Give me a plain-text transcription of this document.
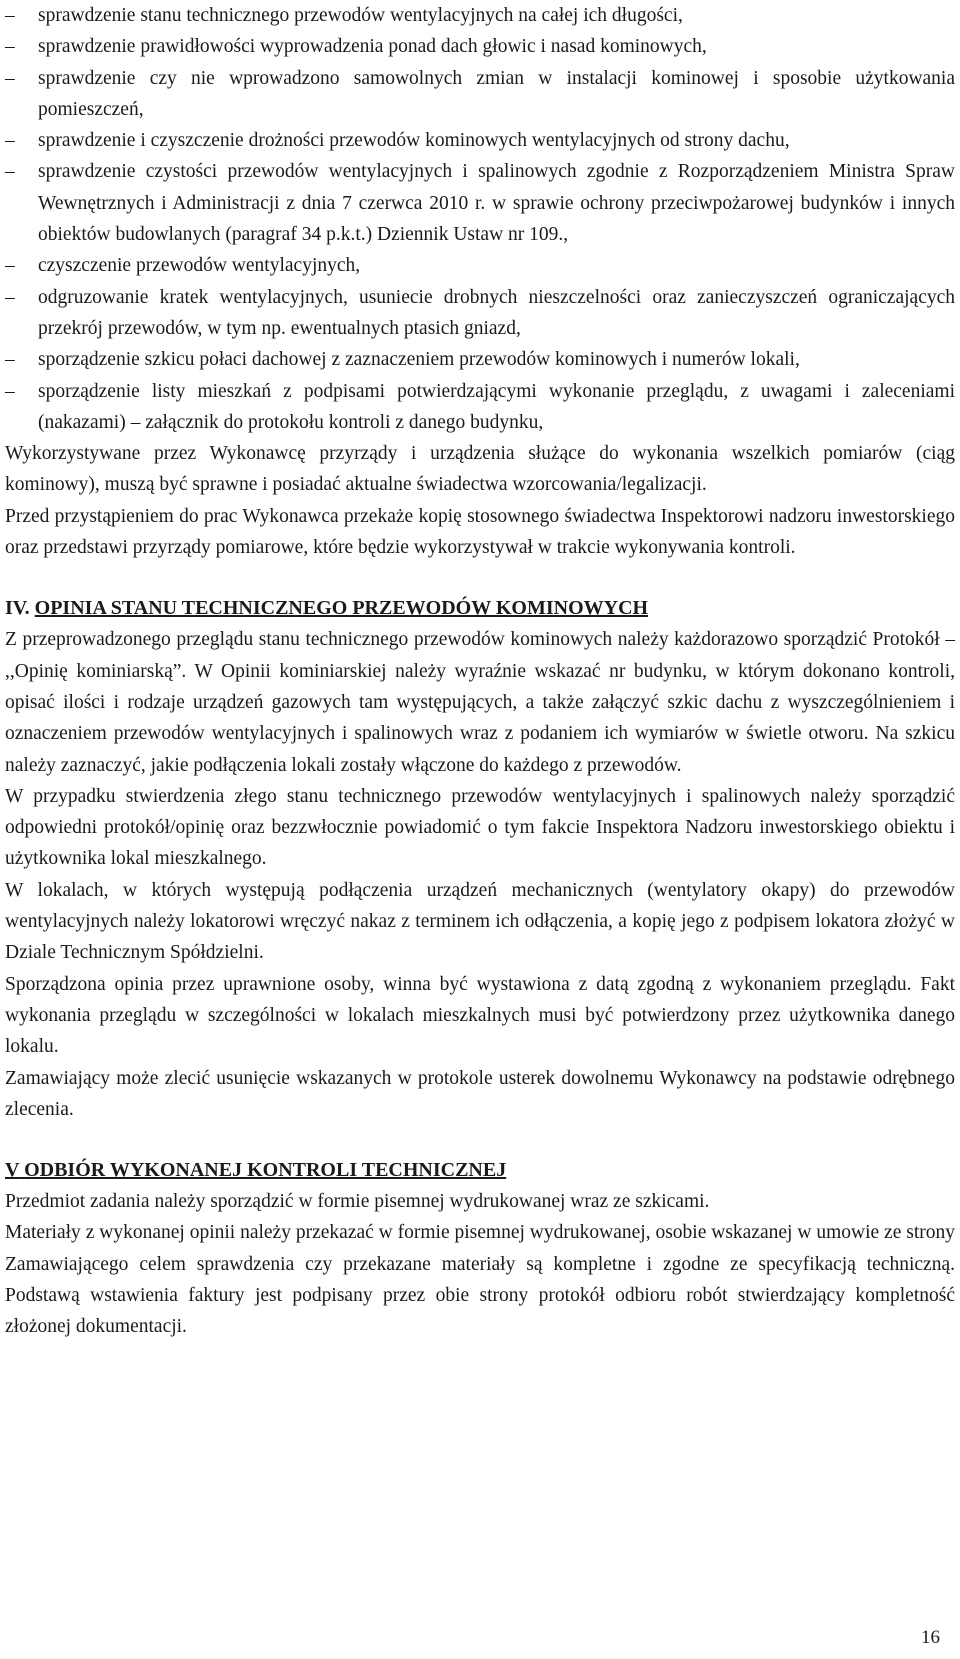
–	sprawdzenie stanu technicznego przewodów wentylacyjnych na całej ich długości,
–	sprawdzenie prawidłowości wyprowadzenia ponad dach głowic i nasad kominowych,
–	sprawdzenie czy nie wprowadzono samowolnych zmian w instalacji kominowej i sposobie użytkowania pomieszczeń,
–	sprawdzenie i czyszczenie drożności przewodów kominowych wentylacyjnych od strony dachu,
–	sprawdzenie czystości przewodów wentylacyjnych i spalinowych zgodnie z Rozporządzeniem Ministra Spraw Wewnętrznych i Administracji z dnia 7 czerwca 2010 r. w sprawie ochrony przeciwpożarowej budynków i innych obiektów budowlanych (paragraf 34 p.k.t.) Dziennik Ustaw nr 109.,
–	czyszczenie przewodów wentylacyjnych,
–	odgruzowanie kratek wentylacyjnych, usuniecie drobnych nieszczelności oraz zanieczyszczeń ograniczających przekrój przewodów, w tym np. ewentualnych ptasich gniazd,
–	sporządzenie szkicu połaci dachowej z zaznaczeniem przewodów kominowych i numerów lokali,
–	sporządzenie listy mieszkań z podpisami potwierdzającymi wykonanie przeglądu, z uwagami i zaleceniami (nakazami) – załącznik do protokołu kontroli z danego budynku,

Wykorzystywane przez Wykonawcę przyrządy i urządzenia służące do wykonania wszelkich pomiarów (ciąg kominowy), muszą być sprawne i posiadać aktualne świadectwa wzorcowania/legalizacji.

Przed przystąpieniem do prac Wykonawca przekaże kopię stosownego świadectwa Inspektorowi nadzoru inwestorskiego oraz przedstawi przyrządy pomiarowe, które będzie wykorzystywał w trakcie wykonywania kontroli.

IV. OPINIA STANU TECHNICZNEGO PRZEWODÓW KOMINOWYCH

Z przeprowadzonego przeglądu stanu technicznego przewodów kominowych należy każdorazowo sporządzić Protokół – ,,Opinię kominiarską”. W Opinii kominiarskiej należy wyraźnie wskazać nr budynku, w którym dokonano kontroli, opisać ilości i rodzaje urządzeń gazowych tam występujących, a także załączyć szkic dachu z wyszczególnieniem i oznaczeniem przewodów wentylacyjnych i spalinowych wraz z podaniem ich wymiarów w świetle otworu. Na szkicu należy zaznaczyć, jakie podłączenia lokali zostały włączone do każdego z przewodów.

W przypadku stwierdzenia złego stanu technicznego przewodów wentylacyjnych i spalinowych należy sporządzić odpowiedni protokół/opinię oraz bezzwłocznie powiadomić o tym fakcie Inspektora Nadzoru inwestorskiego obiektu i użytkownika lokal mieszkalnego.

W lokalach, w których występują podłączenia urządzeń mechanicznych (wentylatory okapy) do przewodów wentylacyjnych należy lokatorowi wręczyć nakaz z terminem ich odłączenia, a kopię jego z podpisem lokatora złożyć w Dziale Technicznym Spółdzielni.

Sporządzona opinia przez uprawnione osoby, winna być wystawiona z datą zgodną z wykonaniem przeglądu. Fakt wykonania przeglądu w szczególności w lokalach mieszkalnych musi być potwierdzony przez użytkownika danego lokalu.

Zamawiający może zlecić usunięcie wskazanych w protokole usterek dowolnemu Wykonawcy na podstawie odrębnego zlecenia.

V ODBIÓR WYKONANEJ KONTROLI TECHNICZNEJ

Przedmiot zadania należy sporządzić w formie pisemnej wydrukowanej wraz ze szkicami.

Materiały z wykonanej opinii należy przekazać w formie pisemnej wydrukowanej, osobie wskazanej w umowie ze strony Zamawiającego celem sprawdzenia czy przekazane materiały są kompletne i zgodne ze specyfikacją techniczną. Podstawą wstawienia faktury jest podpisany przez obie strony protokół odbioru robót stwierdzający kompletność złożonej dokumentacji.

16
